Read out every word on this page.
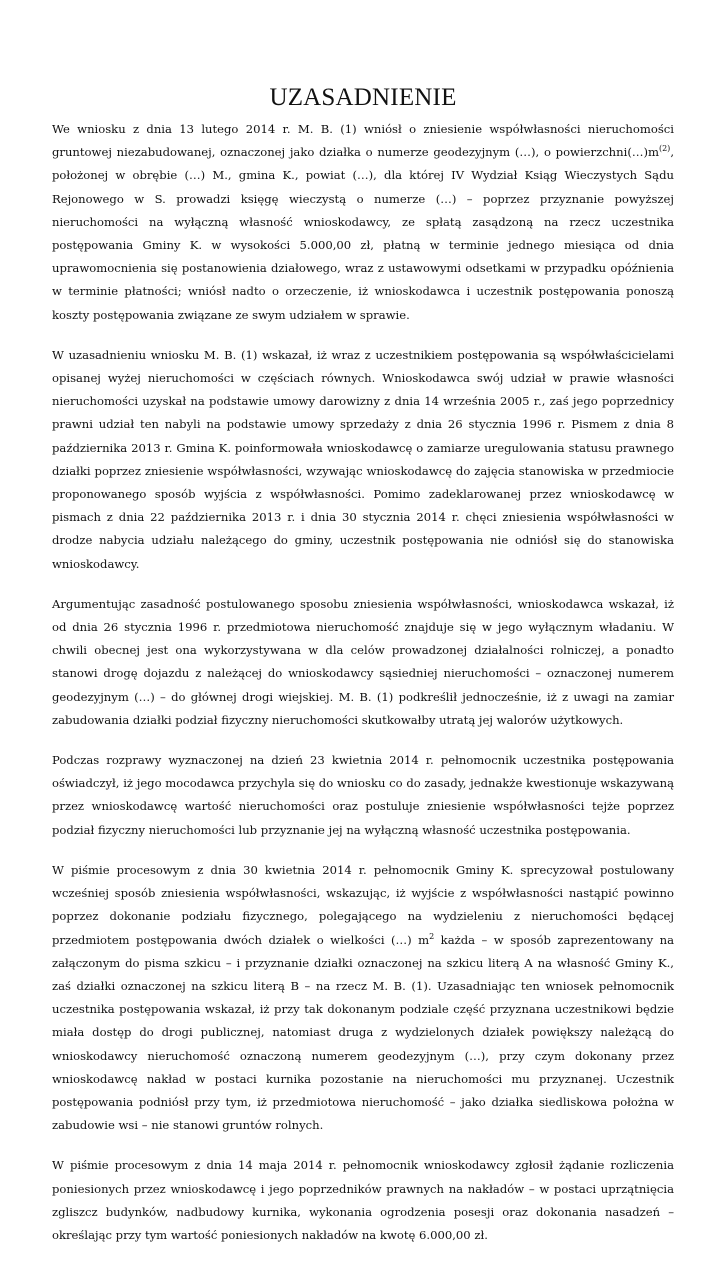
UZASADNIENIE

We wniosku z dnia 13 lutego 2014 r. M. B. (1) wniósł o zniesienie współwłasności nieruchomości gruntowej niezabudowanej, oznaczonej jako działka o numerze geodezyjnym (…), o $powierzchni(\dots)m^{(2)}$, położonej w obrębie (…) M., gmina K., powiat (…), dla której IV Wydział Ksiąg Wieczystych Sądu Rejonowego w S. prowadzi księgę wieczystą o numerze (…) – poprzez przyznanie powyższej nieruchomości na wyłączną własność wnioskodawcy, ze spłatą zasądzoną na rzecz uczestnika postępowania Gminy K. w wysokości 5.000,00 zł, płatną w terminie jednego miesiąca od dnia uprawomocnienia się postanowienia działowego, wraz z ustawowymi odsetkami w przypadku opóźnienia w terminie płatności; wniósł nadto o orzeczenie, iż wnioskodawca i uczestnik postępowania ponoszą koszty postępowania związane ze swym udziałem w sprawie.

W uzasadnieniu wniosku M. B. (1) wskazał, iż wraz z uczestnikiem postępowania są współwłaścicielami opisanej wyżej nieruchomości w częściach równych. Wnioskodawca swój udział w prawie własności nieruchomości uzyskał na podstawie umowy darowizny z dnia 14 września 2005 r., zaś jego poprzednicy prawni udział ten nabyli na podstawie umowy sprzedaży z dnia 26 stycznia 1996 r. Pismem z dnia 8 października 2013 r. Gmina K. poinformowała wnioskodawcę o zamiarze uregulowania statusu prawnego działki poprzez zniesienie współwłasności, wzywając wnioskodawcę do zajęcia stanowiska w przedmiocie proponowanego sposób wyjścia z współwłasności. Pomimo zadeklarowanej przez wnioskodawcę w pismach z dnia 22 października 2013 r. i dnia 30 stycznia 2014 r. chęci zniesienia współwłasności w drodze nabycia udziału należącego do gminy, uczestnik postępowania nie odniósł się do stanowiska wnioskodawcy.

Argumentując zasadność postulowanego sposobu zniesienia współwłasności, wnioskodawca wskazał, iż od dnia 26 stycznia 1996 r. przedmiotowa nieruchomość znajduje się w jego wyłącznym władaniu. W chwili obecnej jest ona wykorzystywana w dla celów prowadzonej działalności rolniczej, a ponadto stanowi drogę dojazdu z należącej do wnioskodawcy sąsiedniej nieruchomości – oznaczonej numerem geodezyjnym (…) – do głównej drogi wiejskiej. M. B. (1) podkreślił jednocześnie, iż z uwagi na zamiar zabudowania działki podział fizyczny nieruchomości skutkowałby utratą jej walorów użytkowych.

Podczas rozprawy wyznaczonej na dzień 23 kwietnia 2014 r. pełnomocnik uczestnika postępowania oświadczył, iż jego mocodawca przychyla się do wniosku co do zasady, jednakże kwestionuje wskazywaną przez wnioskodawcę wartość nieruchomości oraz postuluje zniesienie współwłasności tejże poprzez podział fizyczny nieruchomości lub przyznanie jej na wyłączną własność uczestnika postępowania.

W piśmie procesowym z dnia 30 kwietnia 2014 r. pełnomocnik Gminy K. sprecyzował postulowany wcześniej sposób zniesienia współwłasności, wskazując, iż wyjście z współwłasności nastąpić powinno poprzez dokonanie podziału fizycznego, polegającego na wydzieleniu z nieruchomości będącej przedmiotem postępowania dwóch działek o wielkości (…) $m^2$ każda – w sposób zaprezentowany na załączonym do pisma szkicu – i przyznanie działki oznaczonej na szkicu literą A na własność Gminy K., zaś działki oznaczonej na szkicu literą B – na rzecz M. B. (1). Uzasadniając ten wniosek pełnomocnik uczestnika postępowania wskazał, iż przy tak dokonanym podziale część przyznana uczestnikowi będzie miała dostęp do drogi publicznej, natomiast druga z wydzielonych działek powiększy należącą do wnioskodawcy nieruchomość oznaczoną numerem geodezyjnym (…), przy czym dokonany przez wnioskodawcę nakład w postaci kurnika pozostanie na nieruchomości mu przyznanej. Uczestnik postępowania podniósł przy tym, iż przedmiotowa nieruchomość – jako działka siedliskowa położna w zabudowie wsi – nie stanowi gruntów rolnych.

W piśmie procesowym z dnia 14 maja 2014 r. pełnomocnik wnioskodawcy zgłosił żądanie rozliczenia poniesionych przez wnioskodawcę i jego poprzedników prawnych na nakładów – w postaci uprzątnięcia zgliszcz budynków, nadbudowy kurnika, wykonania ogrodzenia posesji oraz dokonania nasadzeń – określając przy tym wartość poniesionych nakładów na kwotę 6.000,00 zł.
